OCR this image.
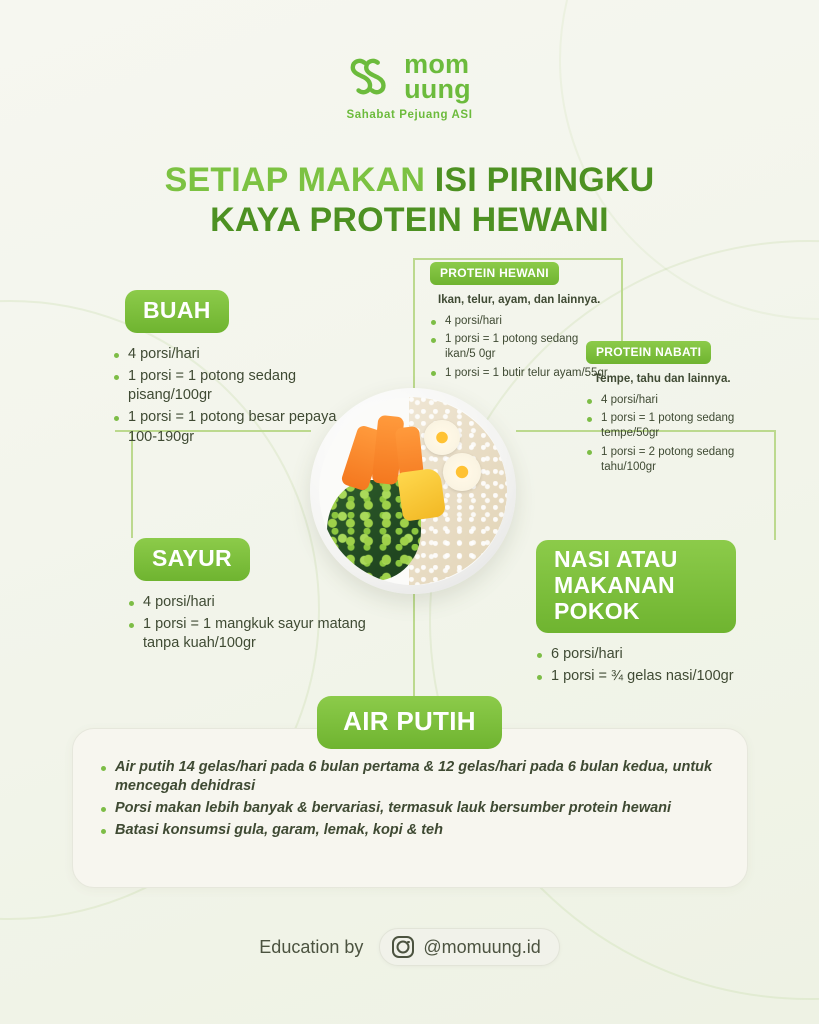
mom
uung
Sahabat Pejuang ASI
SETIAP MAKAN ISI PIRINGKU
KAYA PROTEIN HEWANI
BUAH
4 porsi/hari
1 porsi = 1 potong sedang pisang/100gr
1 porsi = 1 potong besar pepaya 100-190gr
SAYUR
4 porsi/hari
1 porsi = 1 mangkuk sayur matang tanpa kuah/100gr
PROTEIN HEWANI
Ikan, telur, ayam, dan lainnya.
4 porsi/hari
1 porsi = 1 potong sedang ikan/5 0gr
1 porsi = 1 butir telur ayam/55gr
PROTEIN NABATI
Tempe, tahu dan lainnya.
4 porsi/hari
1 porsi = 1 potong sedang tempe/50gr
1 porsi = 2 potong sedang tahu/100gr
NASI ATAU MAKANAN POKOK
6 porsi/hari
1 porsi = ¾ gelas nasi/100gr
AIR PUTIH
Air putih 14 gelas/hari pada 6 bulan pertama & 12 gelas/hari pada 6 bulan kedua, untuk mencegah dehidrasi
Porsi makan lebih banyak & bervariasi, termasuk lauk bersumber protein hewani
Batasi konsumsi gula, garam, lemak, kopi & teh
Education by	@momuung.id
